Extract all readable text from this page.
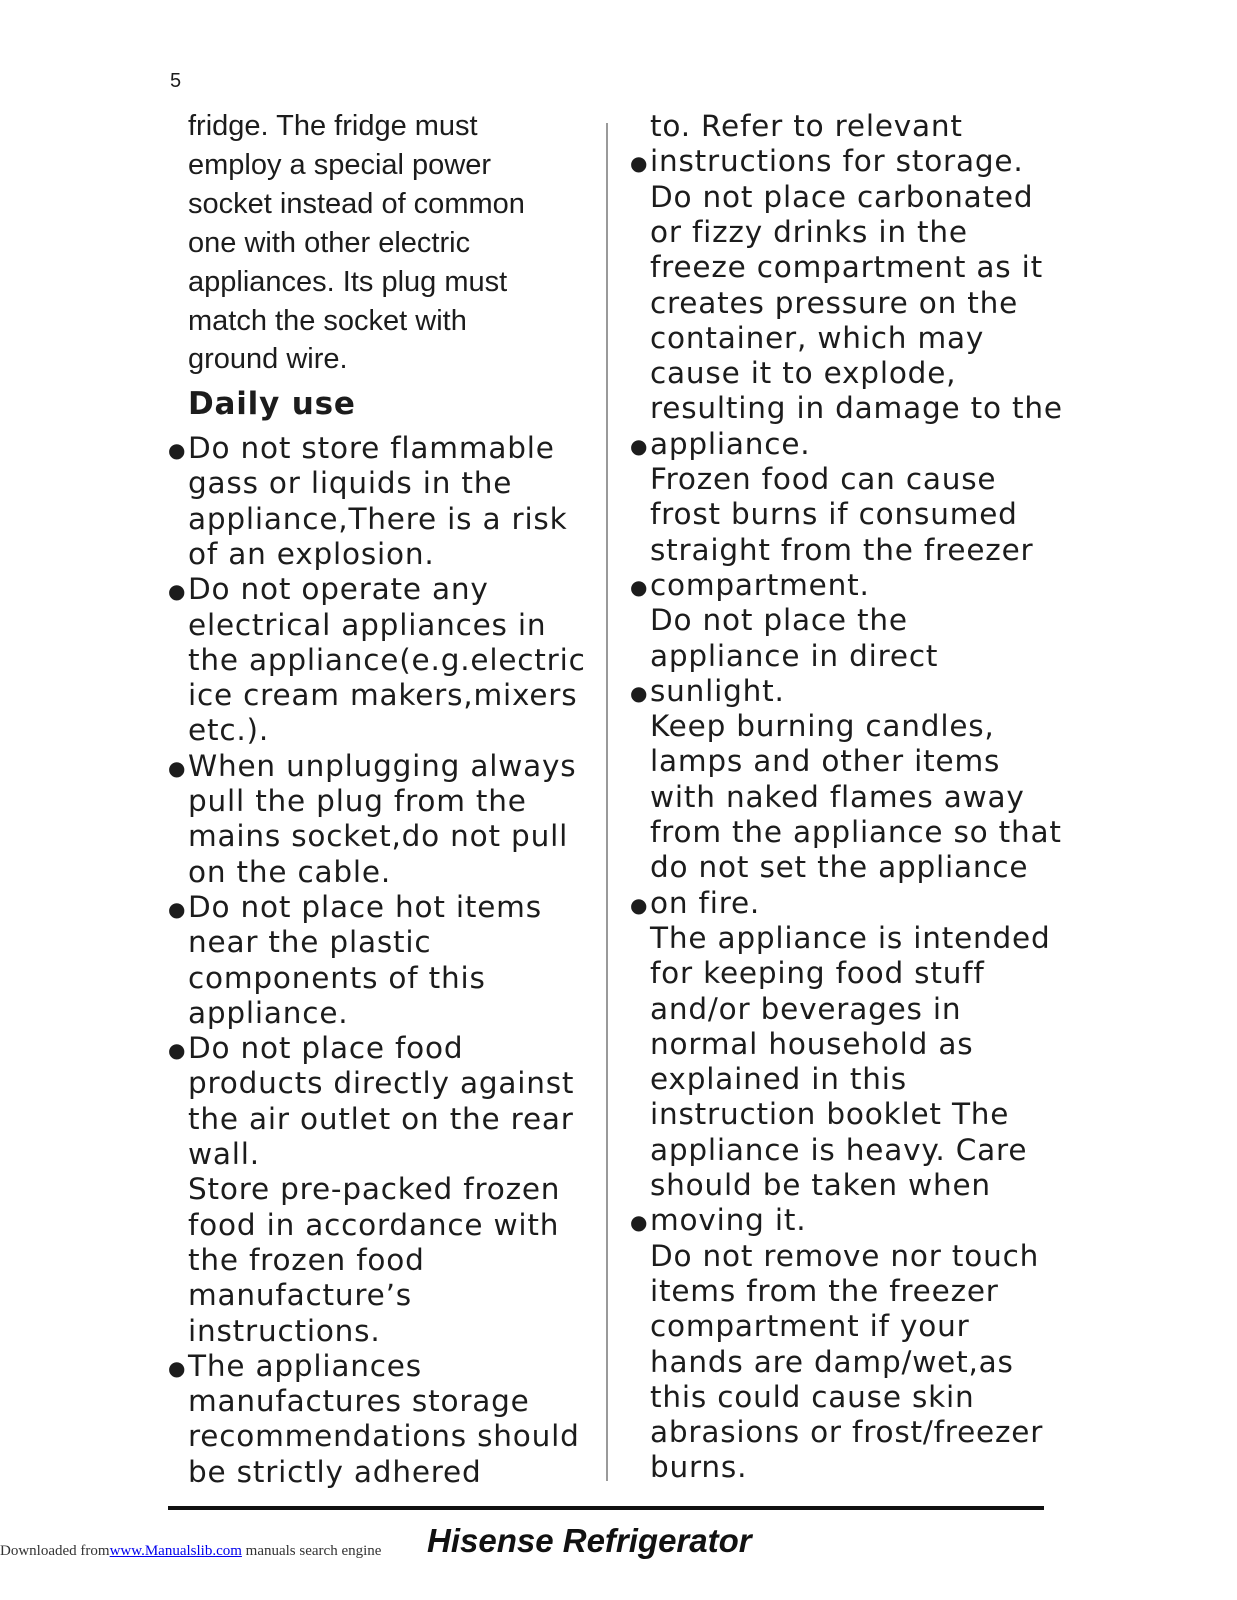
5
fridge. The fridge must
employ a special power
socket instead of common
one with other electric
appliances. Its plug must
match the socket with
ground wire.
Daily use
Do not store flammable
gass or liquids in the
appliance,There is a risk
of an explosion.
Do not operate any
electrical appliances in
the appliance(e.g.electric
ice cream makers,mixers
etc.).
When unplugging always
pull the plug from the
mains socket,do not pull
on the cable.
Do not place hot items
near the plastic
components of this
appliance.
Do not place food
products directly against
the air outlet on the rear
wall.
Store pre-packed frozen
food in accordance with
the frozen food
manufacture’s
instructions.
The appliances
manufactures storage
recommendations should
be strictly adhered
●
●
●
●
●
●
to. Refer to relevant
instructions for storage.
Do not place carbonated
or fizzy drinks in the
freeze compartment as it
creates pressure on the
container, which may
cause it to explode,
resulting in damage to the
appliance.
Frozen food can cause
frost burns if consumed
straight from the freezer
compartment.
Do not place the
appliance in direct
sunlight.
Keep burning candles,
lamps and other items
with naked flames away
from the appliance so that
do not set the appliance
on fire.
The appliance is intended
for keeping food stuff
and/or beverages in
normal household as
explained in this
instruction booklet The
appliance is heavy. Care
should be taken when
moving it.
Do not remove nor touch
items from the freezer
compartment if your
hands are damp/wet,as
this could cause skin
abrasions or frost/freezer
burns.
●
●
●
●
●
●
Downloaded fromwww.Manualslib.com manuals search engine Hisense Refrigerator
